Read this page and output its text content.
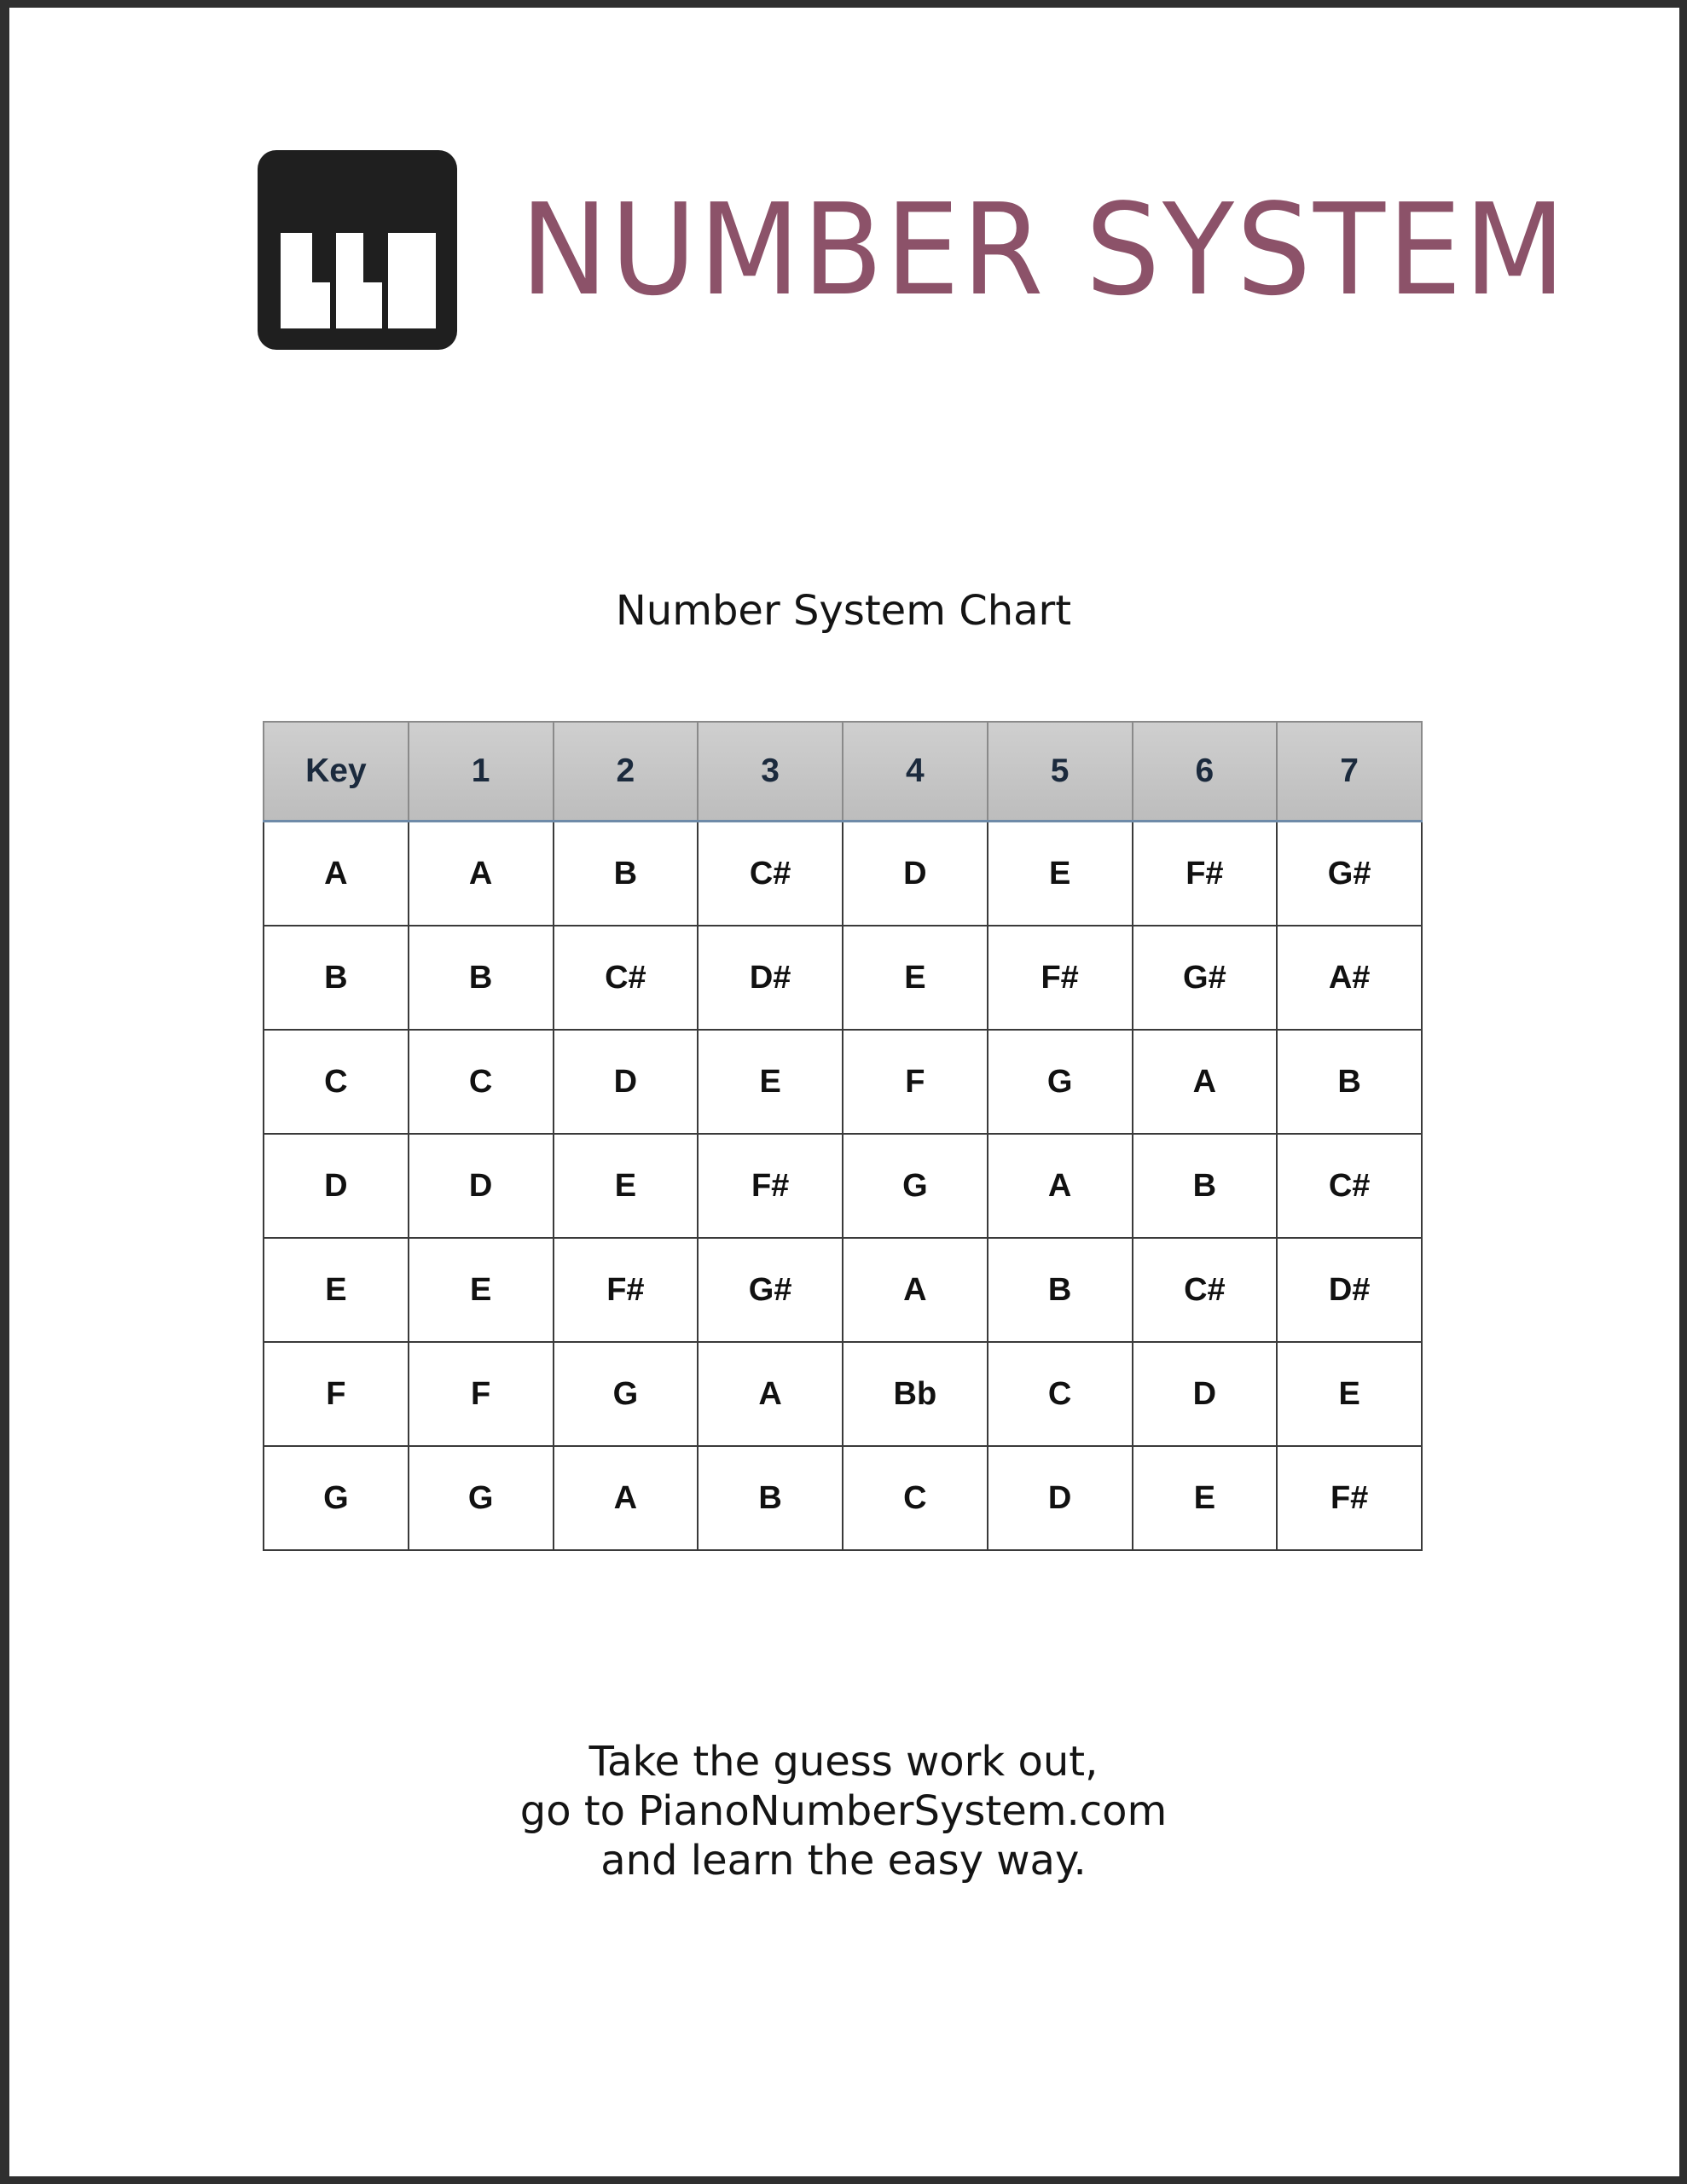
NUMBER SYSTEM
Number System Chart
Key	1	2	3	4	5	6	7
A	A	B	C#	D	E	F#	G#
B	B	C#	D#	E	F#	G#	A#
C	C	D	E	F	G	A	B
D	D	E	F#	G	A	B	C#
E	E	F#	G#	A	B	C#	D#
F	F	G	A	Bb	C	D	E
G	G	A	B	C	D	E	F#
Take the guess work out,
go to PianoNumberSystem.com
and learn the easy way.
